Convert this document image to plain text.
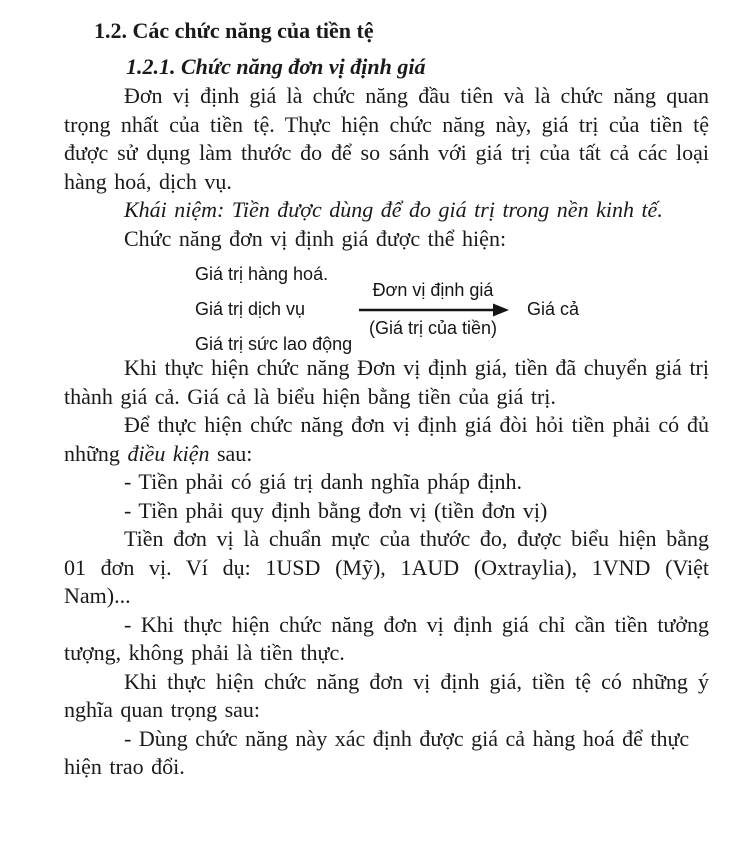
1.2. Các chức năng của tiền tệ
1.2.1. Chức năng đơn vị định giá

Đơn vị định giá là chức năng đầu tiên và là chức năng quan trọng nhất của tiền tệ. Thực hiện chức năng này, giá trị của tiền tệ được sử dụng làm thước đo để so sánh với giá trị của tất cả các loại hàng hoá, dịch vụ.

Khái niệm: Tiền được dùng để đo giá trị trong nền kinh tế.

Chức năng đơn vị định giá được thể hiện:

Giá trị hàng hoá.
Giá trị dịch vụ
Giá trị sức lao động
Đơn vị định giá
(Giá trị của tiền)
Giá cả

Khi thực hiện chức năng Đơn vị định giá, tiền đã chuyển giá trị thành giá cả. Giá cả là biểu hiện bằng tiền của giá trị.

Để thực hiện chức năng đơn vị định giá đòi hỏi tiền phải có đủ những điều kiện sau:

- Tiền phải có giá trị danh nghĩa pháp định.

- Tiền phải quy định bằng đơn vị (tiền đơn vị)

Tiền đơn vị là chuẩn mực của thước đo, được biểu hiện bằng 01 đơn vị. Ví dụ: 1USD (Mỹ), 1AUD (Oxtraylia), 1VND (Việt Nam)...

- Khi thực hiện chức năng đơn vị định giá chỉ cần tiền tưởng tượng, không phải là tiền thực.

Khi thực hiện chức năng đơn vị định giá, tiền tệ có những ý nghĩa quan trọng sau:

- Dùng chức năng này xác định được giá cả hàng hoá để thực

hiện trao đổi.
